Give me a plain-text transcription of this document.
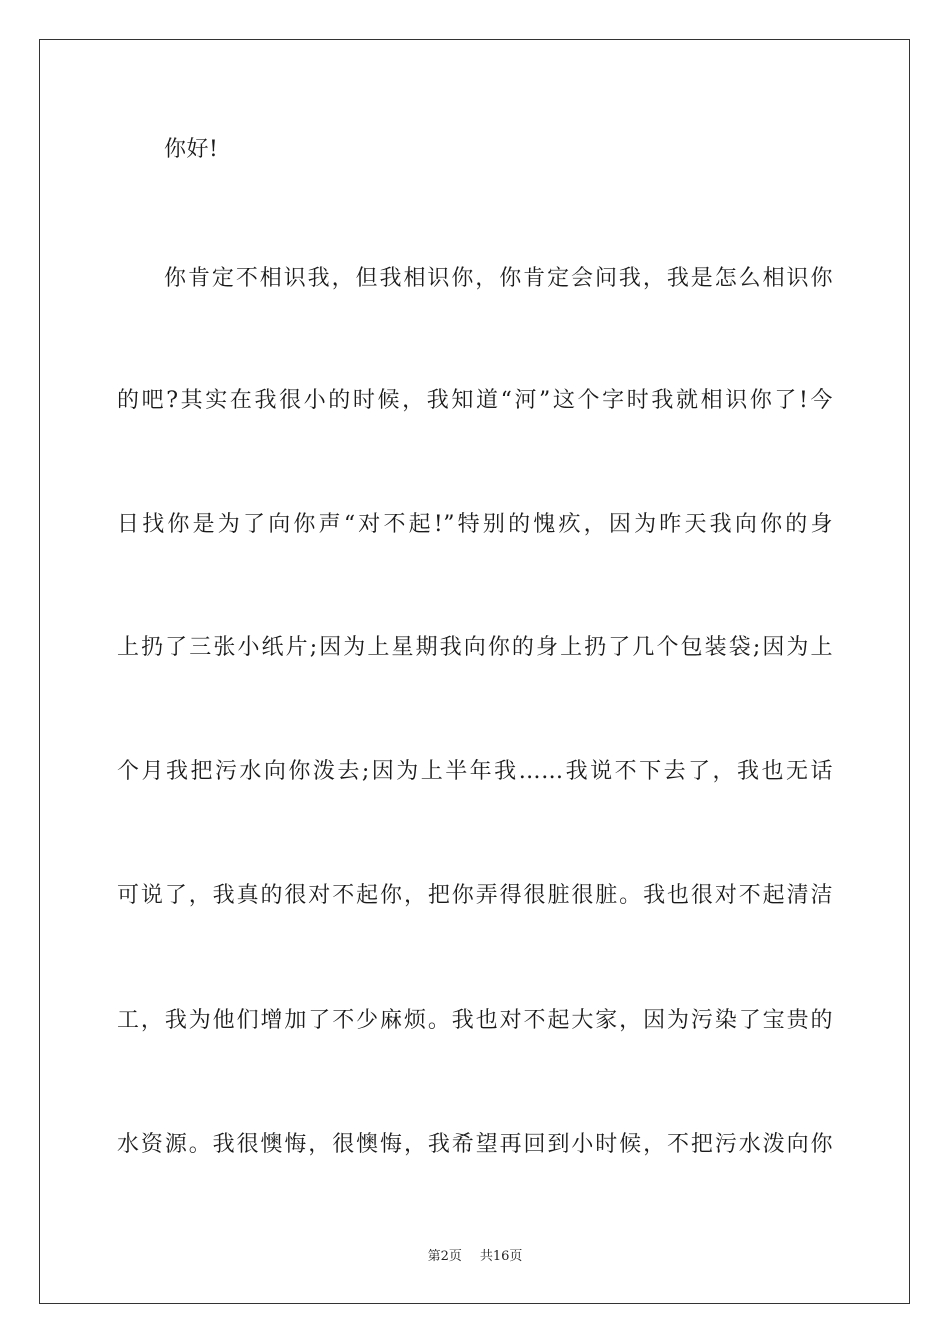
你好!
你肯定不相识我，但我相识你，你肯定会问我，我是怎么相识你
的吧?其实在我很小的时候，我知道“河”这个字时我就相识你了!今
日找你是为了向你声“对不起!”特别的愧疚，因为昨天我向你的身
上扔了三张小纸片;因为上星期我向你的身上扔了几个包装袋;因为上
个月我把污水向你泼去;因为上半年我……我说不下去了，我也无话
可说了，我真的很对不起你，把你弄得很脏很脏。我也很对不起清洁
工，我为他们增加了不少麻烦。我也对不起大家，因为污染了宝贵的
水资源。我很懊悔，很懊悔，我希望再回到小时候，不把污水泼向你
第2页 共16页
